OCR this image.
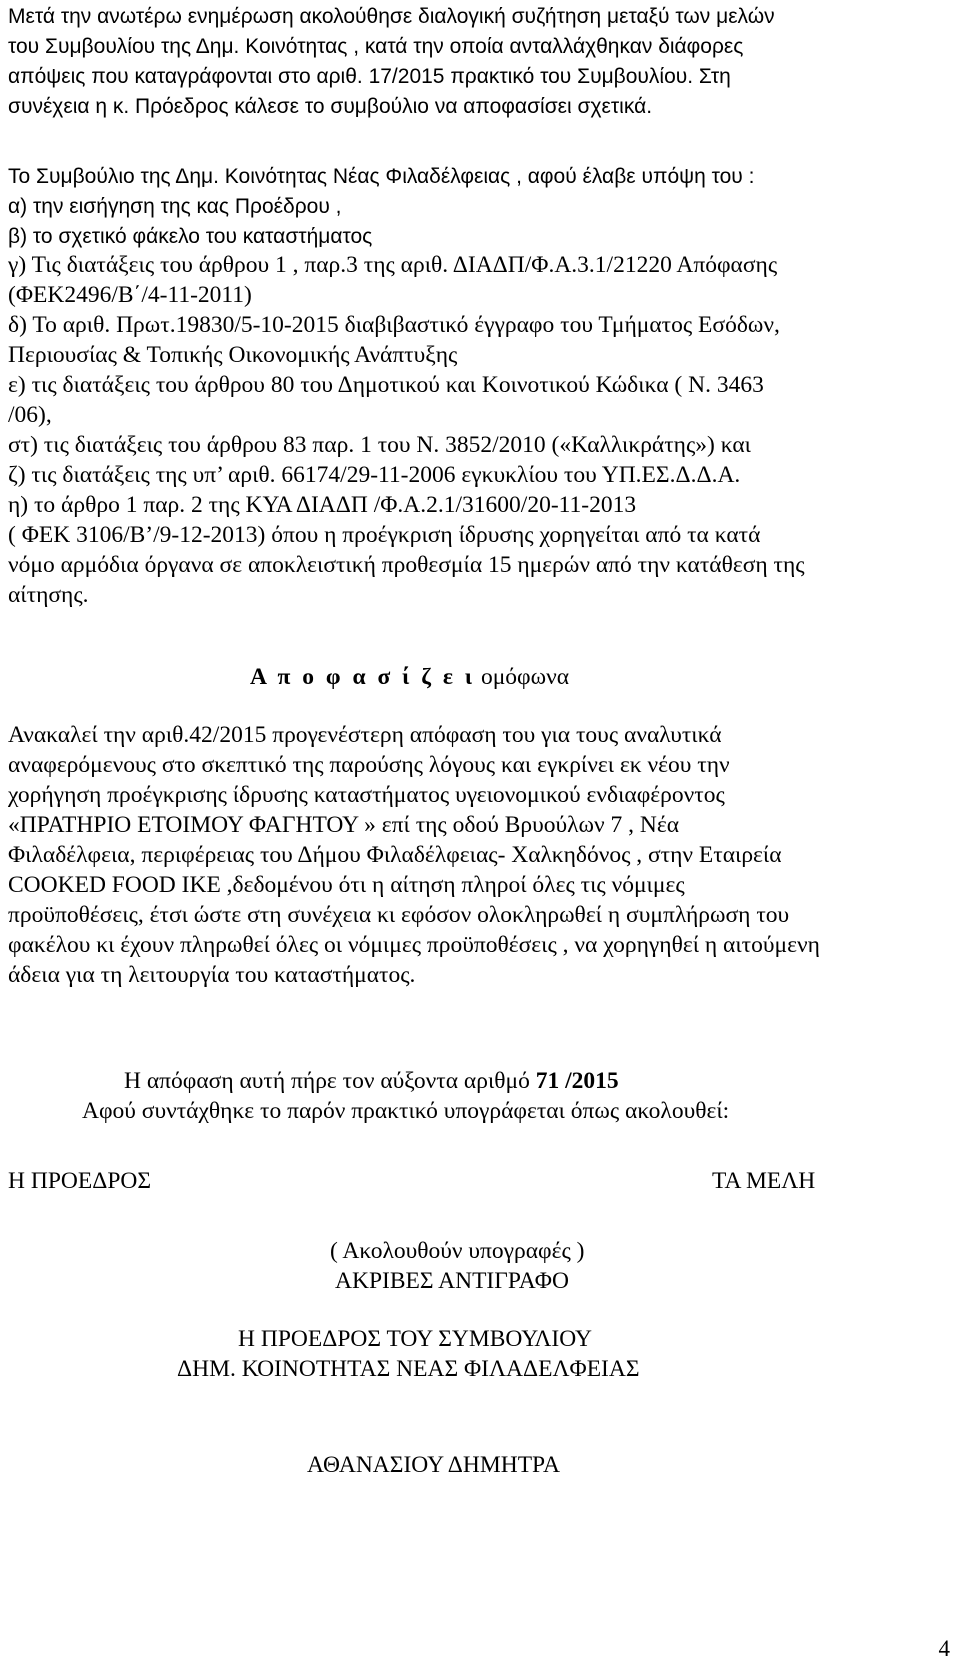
Μετά την ανωτέρω ενημέρωση ακολούθησε διαλογική συζήτηση μεταξύ των μελών
του Συμβουλίου της Δημ. Κοινότητας , κατά την οποία ανταλλάχθηκαν διάφορες
απόψεις που καταγράφονται στο αριθ. 17/2015 πρακτικό του Συμβουλίου. Στη
συνέχεια η κ. Πρόεδρος κάλεσε το συμβούλιο να αποφασίσει σχετικά.
Το Συμβούλιο της Δημ. Κοινότητας Νέας Φιλαδέλφειας , αφού έλαβε υπόψη του :
α) την εισήγηση της κας Προέδρου ,
β) το σχετικό φάκελο του καταστήματος
γ) Τις διατάξεις του άρθρου 1 , παρ.3 της αριθ. ΔΙΑΔΠ/Φ.Α.3.1/21220 Απόφασης
(ΦΕΚ2496/Β΄/4-11-2011)
δ) Το αριθ. Πρωτ.19830/5-10-2015 διαβιβαστικό έγγραφο του Τμήματος Εσόδων,
Περιουσίας & Τοπικής Οικονομικής Ανάπτυξης
ε) τις διατάξεις του άρθρου 80 του Δημοτικού και Κοινοτικού Κώδικα ( Ν. 3463
/06),
στ) τις διατάξεις του άρθρου 83 παρ. 1 του Ν. 3852/2010 («Καλλικράτης») και
ζ) τις διατάξεις της υπ’ αριθ. 66174/29-11-2006 εγκυκλίου του ΥΠ.ΕΣ.Δ.Δ.Α.
η) το άρθρο 1 παρ. 2 της ΚΥΑ ΔΙΑΔΠ /Φ.Α.2.1/31600/20-11-2013
( ΦΕΚ 3106/Β’/9-12-2013) όπου η προέγκριση ίδρυσης χορηγείται από τα κατά
νόμο αρμόδια όργανα σε αποκλειστική προθεσμία 15 ημερών από την κατάθεση της
αίτησης.
Α π ο φ α σ ί ζ ε ι ομόφωνα
Ανακαλεί την αριθ.42/2015 προγενέστερη απόφαση του για τους αναλυτικά
αναφερόμενους στο σκεπτικό της παρούσης λόγους και εγκρίνει εκ νέου την
χορήγηση προέγκρισης ίδρυσης καταστήματος υγειονομικού ενδιαφέροντος
«ΠΡΑΤΗΡΙΟ ΕΤΟΙΜΟΥ ΦΑΓΗΤΟΥ » επί της οδού Βρυούλων 7 , Νέα
Φιλαδέλφεια, περιφέρειας του Δήμου Φιλαδέλφειας- Χαλκηδόνος , στην Εταιρεία
COOKED FOOD IKE ,δεδομένου ότι η αίτηση πληροί όλες τις νόμιμες
προϋποθέσεις, έτσι ώστε στη συνέχεια κι εφόσον ολοκληρωθεί η συμπλήρωση του
φακέλου κι έχουν πληρωθεί όλες οι νόμιμες προϋποθέσεις , να χορηγηθεί η αιτούμενη
άδεια για τη λειτουργία του καταστήματος.
Η απόφαση αυτή πήρε τον αύξοντα αριθμό 71 /2015
Αφού συντάχθηκε το παρόν πρακτικό υπογράφεται όπως ακολουθεί:
Η ΠΡΟΕΔΡΟΣ	ΤΑ ΜΕΛΗ
( Ακολουθούν υπογραφές )
ΑΚΡΙΒΕΣ ΑΝΤΙΓΡΑΦΟ
Η ΠΡΟΕΔΡΟΣ ΤΟΥ ΣΥΜΒΟΥΛΙΟΥ
ΔΗΜ. ΚΟΙΝΟΤΗΤΑΣ ΝΕΑΣ ΦΙΛΑΔΕΛΦΕΙΑΣ
ΑΘΑΝΑΣΙΟΥ ΔΗΜΗΤΡΑ
4
